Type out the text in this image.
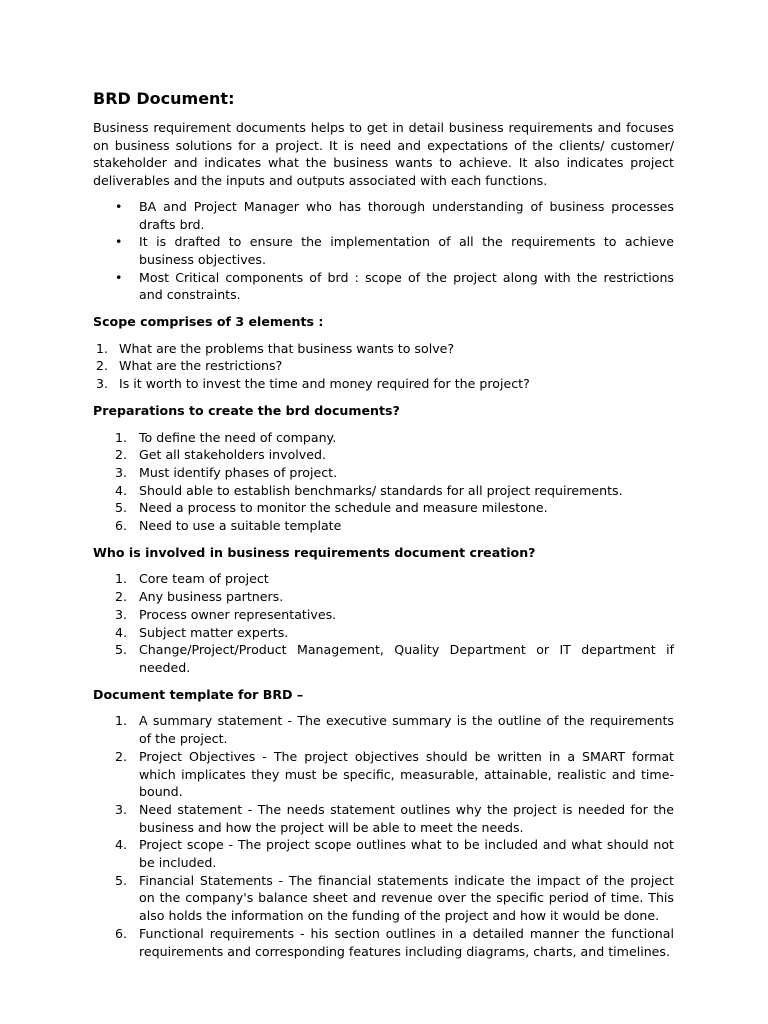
BRD Document:

Business requirement documents helps to get in detail business requirements and focuses on business solutions for a project. It is need and expectations of the clients/ customer/ stakeholder and indicates what the business wants to achieve. It also indicates project deliverables and the inputs and outputs associated with each functions.

• BA and Project Manager who has thorough understanding of business processes drafts brd.
• It is drafted to ensure the implementation of all the requirements to achieve business objectives.
• Most Critical components of brd : scope of the project along with the restrictions and constraints.

Scope comprises of 3 elements :

1. What are the problems that business wants to solve?
2. What are the restrictions?
3. Is it worth to invest the time and money required for the project?

Preparations to create the brd documents?

1. To define the need of company.
2. Get all stakeholders involved.
3. Must identify phases of project.
4. Should able to establish benchmarks/ standards for all project requirements.
5. Need a process to monitor the schedule and measure milestone.
6. Need to use a suitable template

Who is involved in business requirements document creation?

1. Core team of project
2. Any business partners.
3. Process owner representatives.
4. Subject matter experts.
5. Change/Project/Product Management, Quality Department or IT department if needed.

Document template for BRD –

1. A summary statement - The executive summary is the outline of the requirements of the project.
2. Project Objectives - The project objectives should be written in a SMART format which implicates they must be specific, measurable, attainable, realistic and time-bound.
3. Need statement - The needs statement outlines why the project is needed for the business and how the project will be able to meet the needs.
4. Project scope - The project scope outlines what to be included and what should not be included.
5. Financial Statements - The financial statements indicate the impact of the project on the company's balance sheet and revenue over the specific period of time. This also holds the information on the funding of the project and how it would be done.
6. Functional requirements - his section outlines in a detailed manner the functional requirements and corresponding features including diagrams, charts, and timelines.
